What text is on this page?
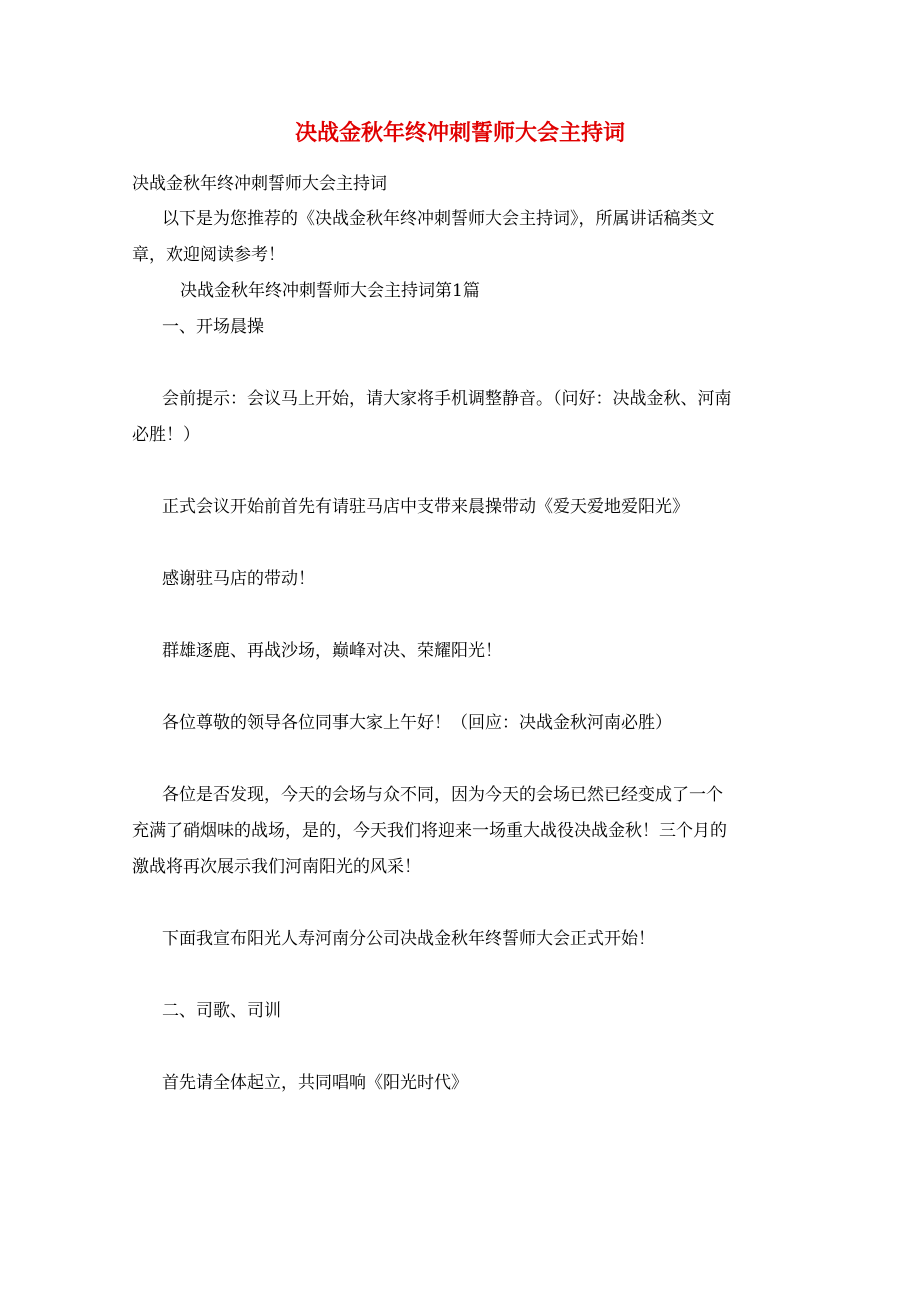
决战金秋年终冲刺誓师大会主持词
决战金秋年终冲刺誓师大会主持词
以下是为您推荐的《决战金秋年终冲刺誓师大会主持词》，所属讲话稿类文
章，欢迎阅读参考！
决战金秋年终冲刺誓师大会主持词第1篇
一、开场晨操
会前提示：会议马上开始，请大家将手机调整静音。（问好：决战金秋、河南
必胜！）
正式会议开始前首先有请驻马店中支带来晨操带动《爱天爱地爱阳光》
感谢驻马店的带动！
群雄逐鹿、再战沙场，巅峰对决、荣耀阳光！
各位尊敬的领导各位同事大家上午好！（回应：决战金秋河南必胜）
各位是否发现，今天的会场与众不同，因为今天的会场已然已经变成了一个
充满了硝烟味的战场，是的，今天我们将迎来一场重大战役决战金秋！三个月的
激战将再次展示我们河南阳光的风采！
下面我宣布阳光人寿河南分公司决战金秋年终誓师大会正式开始！
二、司歌、司训
首先请全体起立，共同唱响《阳光时代》
